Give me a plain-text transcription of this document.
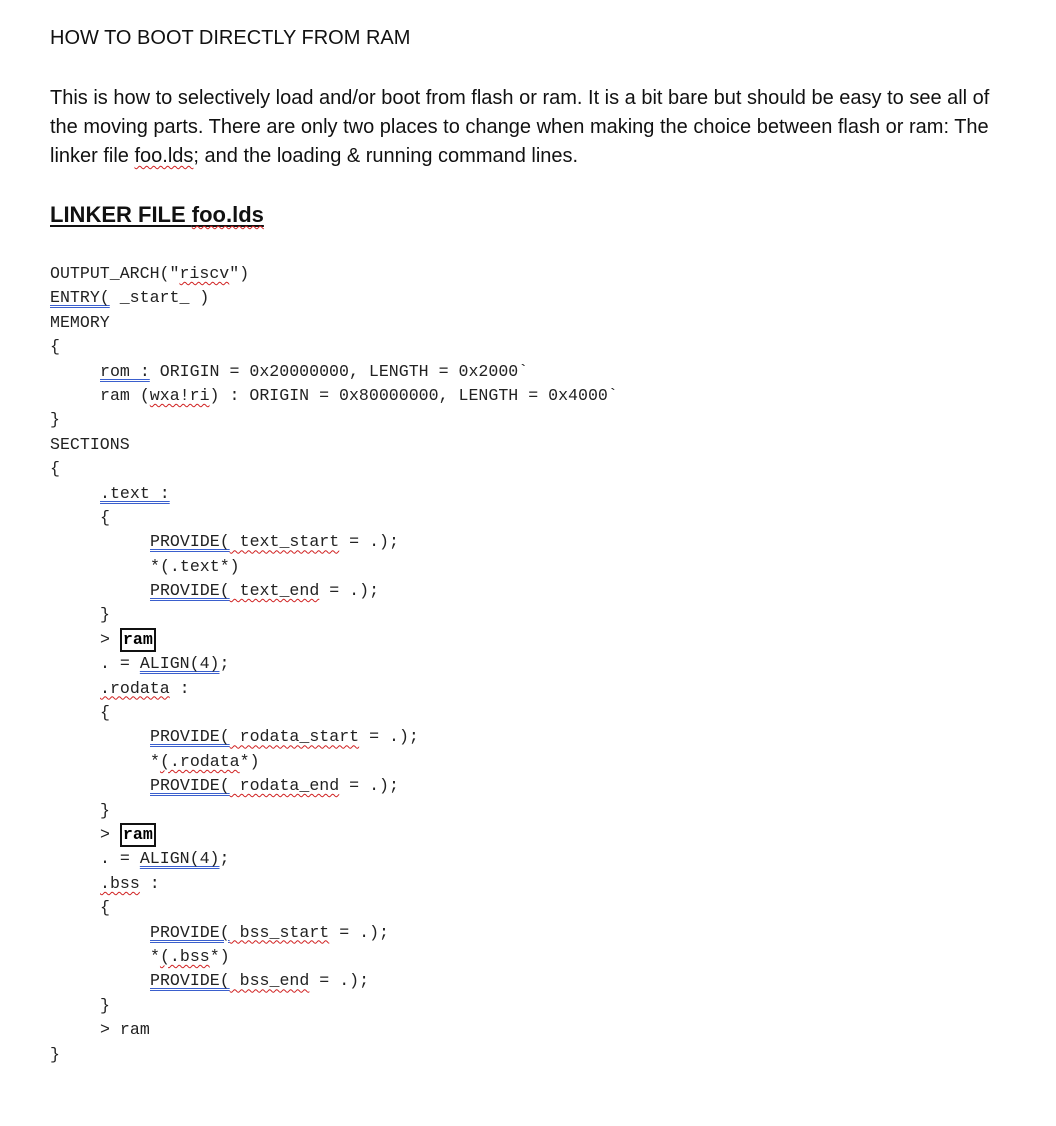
HOW TO BOOT DIRECTLY FROM RAM
This is how to selectively load and/or boot from flash or ram. It is a bit bare but should be easy to see all of the moving parts. There are only two places to change when making the choice between flash or ram: The linker file foo.lds; and the loading & running command lines.
LINKER FILE foo.lds
OUTPUT_ARCH("riscv")
ENTRY( _start_ )
MEMORY
{
rom : ORIGIN = 0x20000000, LENGTH = 0x2000`
ram (wxa!ri) : ORIGIN = 0x80000000, LENGTH = 0x4000`
}
SECTIONS
{
.text :
{
PROVIDE( text_start = .);
*(.text*)
PROVIDE( text_end = .);
}
> ram
. = ALIGN(4);
.rodata :
{
PROVIDE( rodata_start = .);
*(.rodata*)
PROVIDE( rodata_end = .);
}
> ram
. = ALIGN(4);
.bss :
{
PROVIDE( bss_start = .);
*(.bss*)
PROVIDE( bss_end = .);
}
> ram
}
